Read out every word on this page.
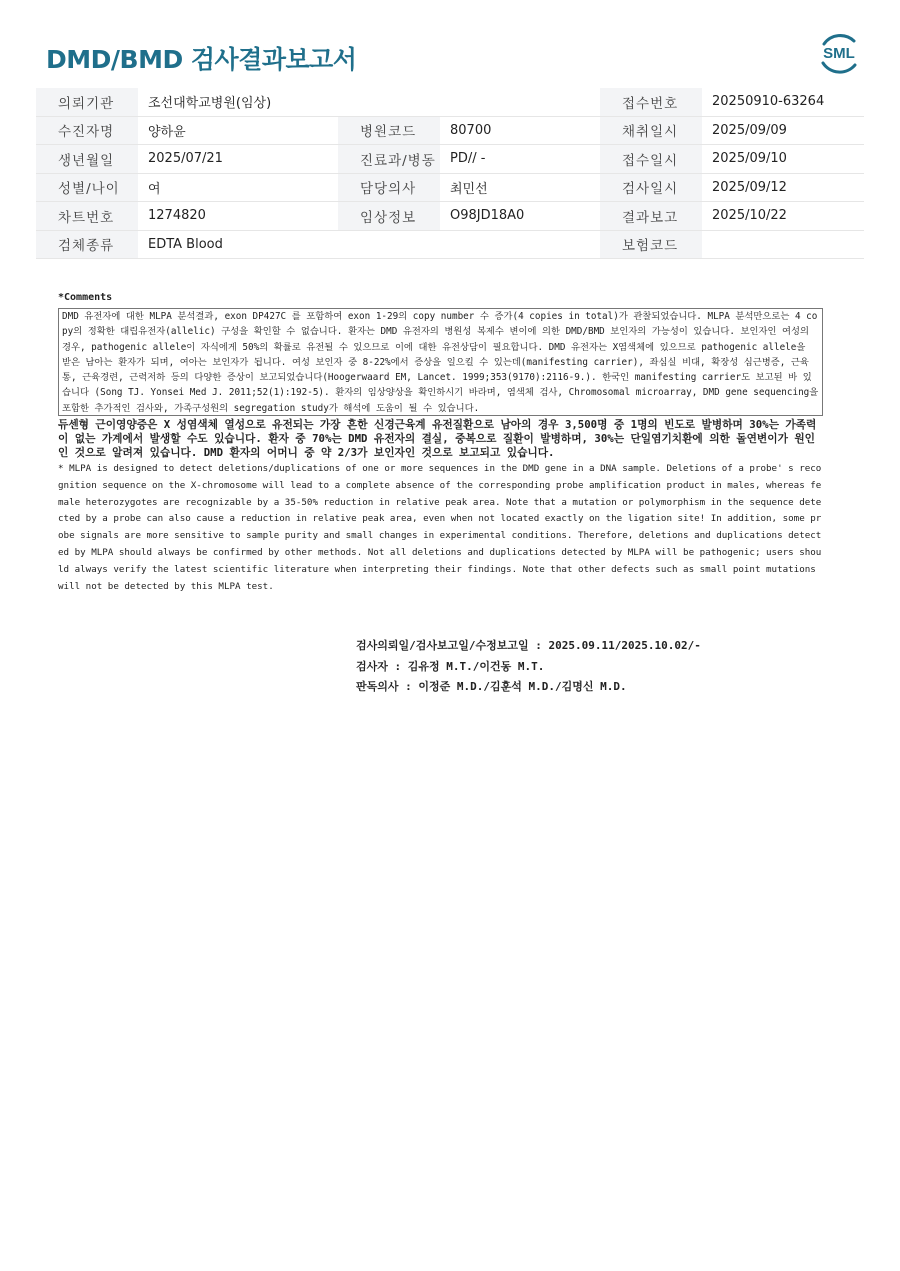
DMD/BMD 검사결과보고서	SML
의뢰기관	조선대학교병원(임상)			접수번호	20250910-63264
수진자명	양하윤	병원코드	80700	채취일시	2025/09/09
생년월일	2025/07/21	진료과/병동	PD// -	접수일시	2025/09/10
성별/나이	여	담당의사	최민선	검사일시	2025/09/12
차트번호	1274820	임상정보	O98JD18A0	결과보고	2025/10/22
검체종류	EDTA Blood			보험코드	
*Comments
DMD 유전자에 대한 MLPA 분석결과, exon DP427C 를 포함하여 exon 1-29의 copy number 수 증가(4 copies in total)가 관찰되었습니다. MLPA 분석만으로는 4 copy의 정확한 대립유전자(allelic) 구성을 확인할 수 없습니다. 환자는 DMD 유전자의 병원성 복제수 변이에 의한 DMD/BMD 보인자의 가능성이 있습니다. 보인자인 여성의 경우, pathogenic allele이 자식에게 50%의 확률로 유전될 수 있으므로 이에 대한 유전상담이 필요합니다. DMD 유전자는 X염색체에 있으므로 pathogenic allele을 받은 남아는 환자가 되며, 여아는 보인자가 됩니다. 여성 보인자 중 8-22%에서 증상을 일으킬 수 있는데(manifesting carrier), 좌심실 비대, 확장성 심근병증, 근육통, 근육경련, 근력저하 등의 다양한 증상이 보고되었습니다(Hoogerwaard EM, Lancet. 1999;353(9170):2116-9.). 한국인 manifesting carrier도 보고된 바 있습니다 (Song TJ. Yonsei Med J. 2011;52(1):192-5). 환자의 임상양상을 확인하시기 바라며, 염색체 검사, Chromosomal microarray, DMD gene sequencing을 포함한 추가적인 검사와, 가족구성원의 segregation study가 해석에 도움이 될 수 있습니다.
듀센형 근이영양증은 X 성염색체 열성으로 유전되는 가장 흔한 신경근육계 유전질환으로 남아의 경우 3,500명 중 1명의 빈도로 발병하며 30%는 가족력이 없는 가계에서 발생할 수도 있습니다. 환자 중 70%는 DMD 유전자의 결실, 중복으로 질환이 발병하며, 30%는 단일염기치환에 의한 돌연변이가 원인인 것으로 알려져 있습니다. DMD 환자의 어머니 중 약 2/3가 보인자인 것으로 보고되고 있습니다.
* MLPA is designed to detect deletions/duplications of one or more sequences in the DMD gene in a DNA sample. Deletions of a probe' s recognition sequence on the X-chromosome will lead to a complete absence of the corresponding probe amplification product in males, whereas female heterozygotes are recognizable by a 35-50% reduction in relative peak area. Note that a mutation or polymorphism in the sequence detected by a probe can also cause a reduction in relative peak area, even when not located exactly on the ligation site! In addition, some probe signals are more sensitive to sample purity and small changes in experimental conditions. Therefore, deletions and duplications detected by MLPA should always be confirmed by other methods. Not all deletions and duplications detected by MLPA will be pathogenic; users should always verify the latest scientific literature when interpreting their findings. Note that other defects such as small point mutations will not be detected by this MLPA test.
검사의뢰일/검사보고일/수정보고일 : 2025.09.11/2025.10.02/-
검사자 : 김유정 M.T./이건동 M.T.
판독의사 : 이정준 M.D./김훈석 M.D./김명신 M.D.
